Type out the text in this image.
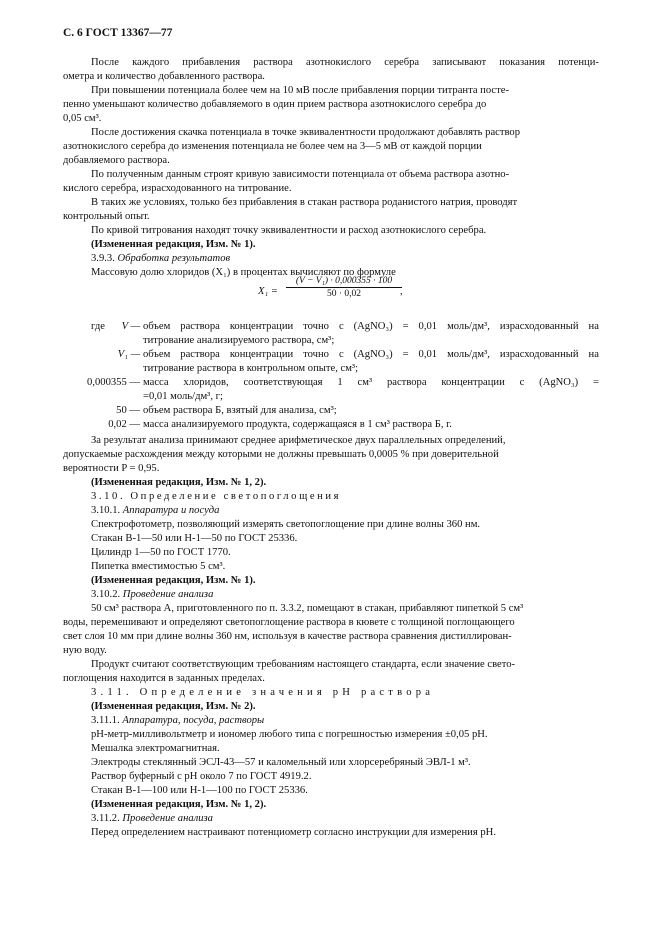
С. 6 ГОСТ 13367—77
После каждого прибавления раствора азотнокислого серебра записывают показания потенци-
ометра и количество добавленного раствора.
При повышении потенциала более чем на 10 мВ после прибавления порции титранта посте-
пенно уменьшают количество добавляемого в один прием раствора азотнокислого серебра до
0,05 см³.
После достижения скачка потенциала в точке эквивалентности продолжают добавлять раствор
азотнокислого серебра до изменения потенциала не более чем на 3—5 мВ от каждой порции
добавляемого раствора.
По полученным данным строят кривую зависимости потенциала от объема раствора азотно-
кислого серебра, израсходованного на титрование.
В таких же условиях, только без прибавления в стакан раствора роданистого натрия, проводят
контрольный опыт.
По кривой титрования находят точку эквивалентности и расход азотнокислого серебра.
(Измененная редакция, Изм. № 1).
3.9.3. Обработка результатов
Массовую долю хлоридов (X₁) в процентах вычисляют по формуле
X₁ =
(V − V₁) · 0,000355 · 100
50 · 0,02	,
где	V — объем раствора концентрации точно c (AgNO₃) = 0,01 моль/дм³, израсходованный на
титрование анализируемого раствора, см³;
V₁ — объем раствора концентрации точно c (AgNO₃) = 0,01 моль/дм³, израсходованный на
титрование раствора в контрольном опыте, см³;
0,000355 — масса хлоридов, соответствующая 1 см³ раствора концентрации c (AgNO₃) =
=0,01 моль/дм³, г;
50 — объем раствора Б, взятый для анализа, см³;
0,02 — масса анализируемого продукта, содержащаяся в 1 см³ раствора Б, г.
За результат анализа принимают среднее арифметическое двух параллельных определений,
допускаемые расхождения между которыми не должны превышать 0,0005 % при доверительной
вероятности P = 0,95.
(Измененная редакция, Изм. № 1, 2).
3.10. Определение светопоглощения
3.10.1. Аппаратура и посуда
Спектрофотометр, позволяющий измерять светопоглощение при длине волны 360 нм.
Стакан В-1—50 или Н-1—50 по ГОСТ 25336.
Цилиндр 1—50 по ГОСТ 1770.
Пипетка вместимостью 5 см³.
(Измененная редакция, Изм. № 1).
3.10.2. Проведение анализа
50 см³ раствора А, приготовленного по п. 3.3.2, помещают в стакан, прибавляют пипеткой 5 см³
воды, перемешивают и определяют светопоглощение раствора в кювете с толщиной поглощающего
свет слоя 10 мм при длине волны 360 нм, используя в качестве раствора сравнения дистиллирован-
ную воду.
Продукт считают соответствующим требованиям настоящего стандарта, если значение свето-
поглощения находится в заданных пределах.
3.11. Определение значения pH раствора
(Измененная редакция, Изм. № 2).
3.11.1. Аппаратура, посуда, растворы
pH-метр-милливольтметр и иономер любого типа с погрешностью измерения ±0,05 pH.
Мешалка электромагнитная.
Электроды стеклянный ЭСЛ-43—57 и каломельный или хлорсеребряный ЭВЛ-1 м³.
Раствор буферный с pH около 7 по ГОСТ 4919.2.
Стакан В-1—100 или Н-1—100 по ГОСТ 25336.
(Измененная редакция, Изм. № 1, 2).
3.11.2. Проведение анализа
Перед определением настраивают потенциометр согласно инструкции для измерения pH.
